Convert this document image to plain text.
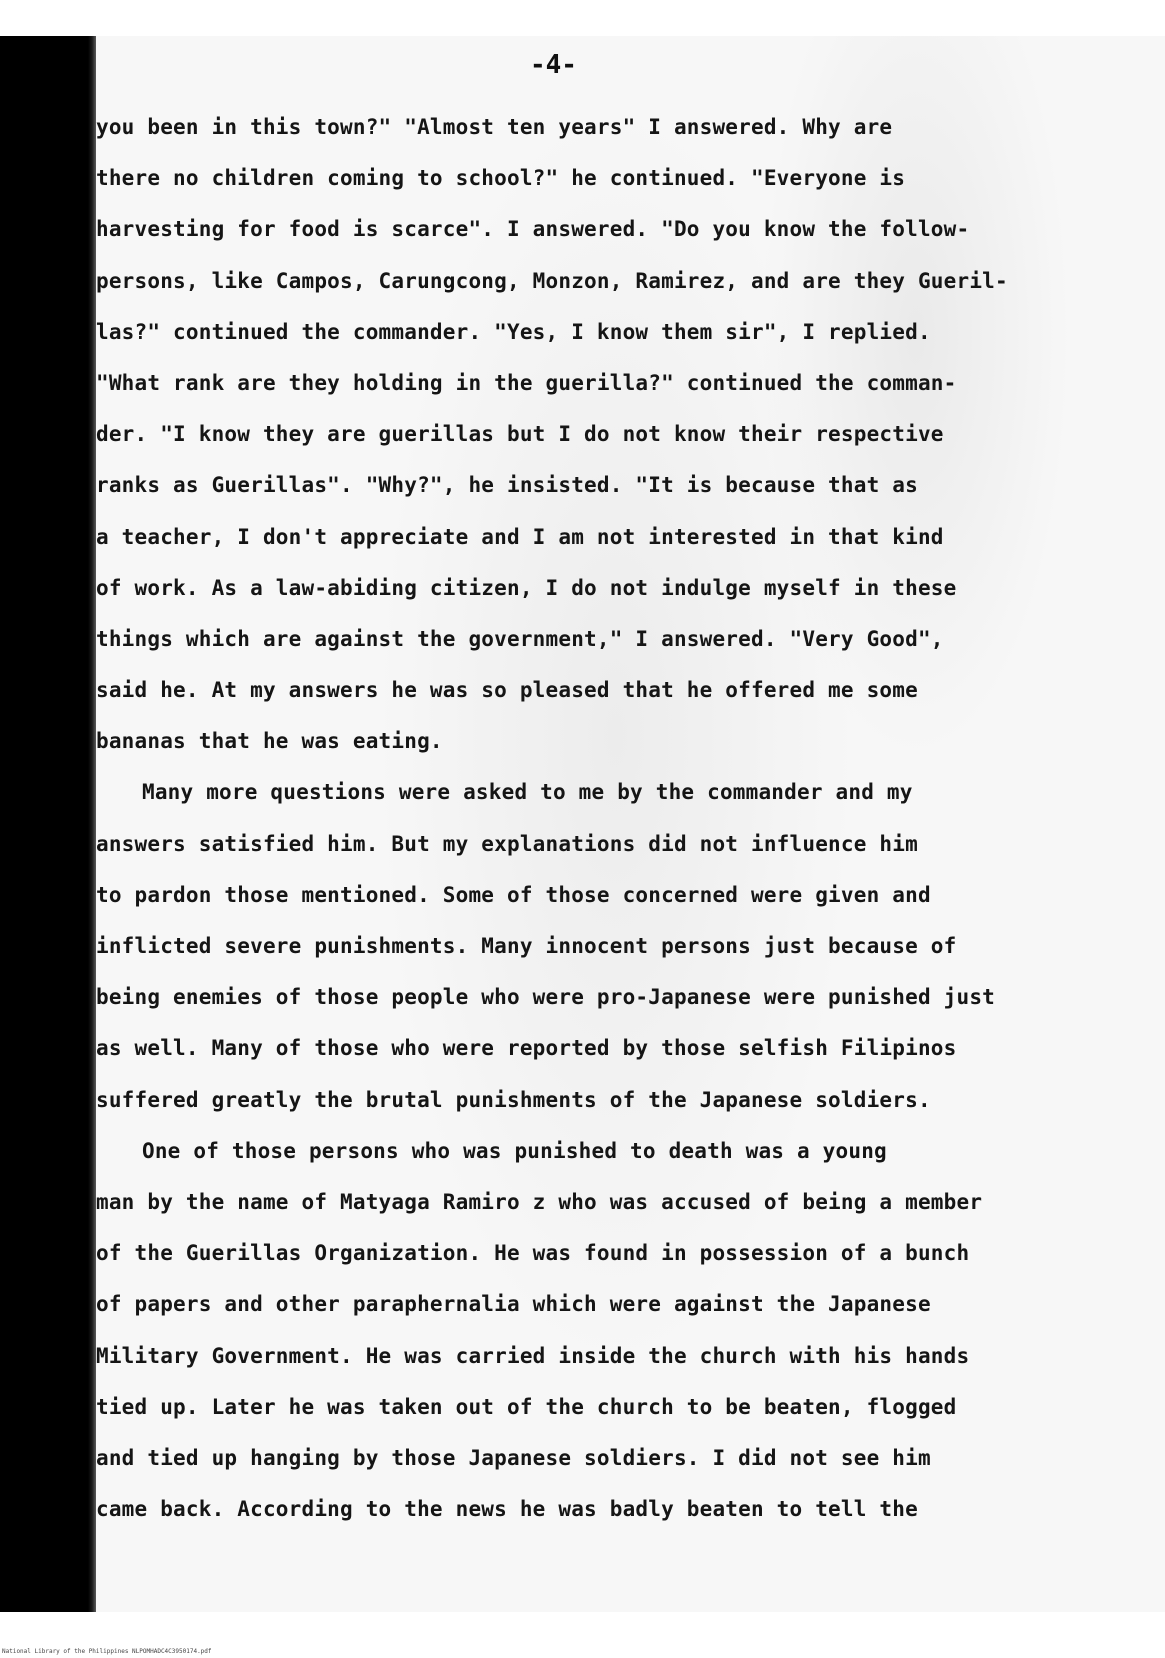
-4-
you been in this town?" "Almost ten years" I answered. Why are
there no children coming to school?" he continued. "Everyone is
harvesting for food is scarce". I answered. "Do you know the follow-
persons, like Campos, Carungcong, Monzon, Ramirez, and are they Gueril-
las?" continued the commander. "Yes, I know them sir", I replied.
"What rank are they holding in the guerilla?" continued the comman-
der. "I know they are guerillas but I do not know their respective
ranks as Guerillas". "Why?", he insisted. "It is because that as
a teacher, I don't appreciate and I am not interested in that kind
of work. As a law-abiding citizen, I do not indulge myself in these
things which are against the government," I answered. "Very Good",
said he. At my answers he was so pleased that he offered me some
bananas that he was eating.
Many more questions were asked to me by the commander and my
answers satisfied him. But my explanations did not influence him
to pardon those mentioned. Some of those concerned were given and
inflicted severe punishments. Many innocent persons just because of
being enemies of those people who were pro-Japanese were punished just
as well. Many of those who were reported by those selfish Filipinos
suffered greatly the brutal punishments of the Japanese soldiers.
One of those persons who was punished to death was a young
man by the name of Matyaga Ramiro z who was accused of being a member
of the Guerillas Organization. He was found in possession of a bunch
of papers and other paraphernalia which were against the Japanese
Military Government. He was carried inside the church with his hands
tied up. Later he was taken out of the church to be beaten, flogged
and tied up hanging by those Japanese soldiers. I did not see him
came back. According to the news he was badly beaten to tell the
National Library of the Philippines NLPOMHADC4C3950174.pdf
